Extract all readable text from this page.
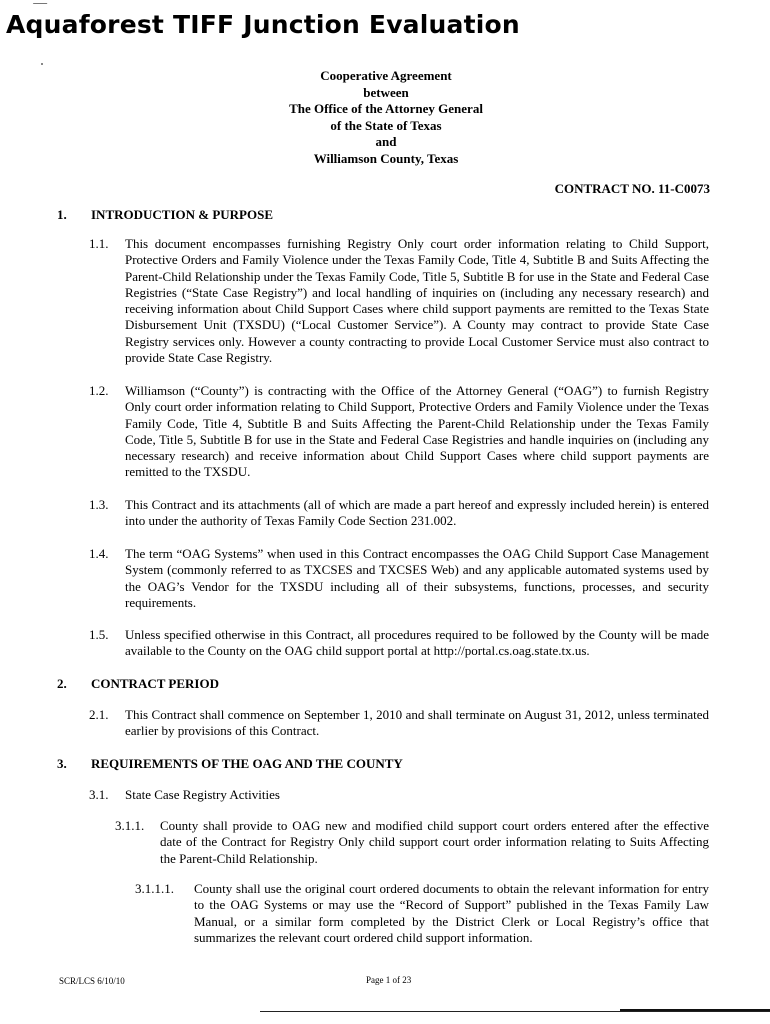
Aquaforest TIFF Junction Evaluation
Cooperative Agreement
between
The Office of the Attorney General
of the State of Texas
and
Williamson County, Texas
CONTRACT NO. 11-C0073
1. INTRODUCTION & PURPOSE
1.1. This document encompasses furnishing Registry Only court order information relating to Child Support, Protective Orders and Family Violence under the Texas Family Code, Title 4, Subtitle B and Suits Affecting the Parent-Child Relationship under the Texas Family Code, Title 5, Subtitle B for use in the State and Federal Case Registries (“State Case Registry”) and local handling of inquiries on (including any necessary research) and receiving information about Child Support Cases where child support payments are remitted to the Texas State Disbursement Unit (TXSDU) (“Local Customer Service”). A County may contract to provide State Case Registry services only. However a county contracting to provide Local Customer Service must also contract to provide State Case Registry.
1.2. Williamson (“County”) is contracting with the Office of the Attorney General (“OAG”) to furnish Registry Only court order information relating to Child Support, Protective Orders and Family Violence under the Texas Family Code, Title 4, Subtitle B and Suits Affecting the Parent-Child Relationship under the Texas Family Code, Title 5, Subtitle B for use in the State and Federal Case Registries and handle inquiries on (including any necessary research) and receive information about Child Support Cases where child support payments are remitted to the TXSDU.
1.3. This Contract and its attachments (all of which are made a part hereof and expressly included herein) is entered into under the authority of Texas Family Code Section 231.002.
1.4. The term “OAG Systems” when used in this Contract encompasses the OAG Child Support Case Management System (commonly referred to as TXCSES and TXCSES Web) and any applicable automated systems used by the OAG’s Vendor for the TXSDU including all of their subsystems, functions, processes, and security requirements.
1.5. Unless specified otherwise in this Contract, all procedures required to be followed by the County will be made available to the County on the OAG child support portal at http://portal.cs.oag.state.tx.us.
2. CONTRACT PERIOD
2.1. This Contract shall commence on September 1, 2010 and shall terminate on August 31, 2012, unless terminated earlier by provisions of this Contract.
3. REQUIREMENTS OF THE OAG AND THE COUNTY
3.1. State Case Registry Activities
3.1.1. County shall provide to OAG new and modified child support court orders entered after the effective date of the Contract for Registry Only child support court order information relating to Suits Affecting the Parent-Child Relationship.
3.1.1.1. County shall use the original court ordered documents to obtain the relevant information for entry to the OAG Systems or may use the “Record of Support” published in the Texas Family Law Manual, or a similar form completed by the District Clerk or Local Registry’s office that summarizes the relevant court ordered child support information.
SCR/LCS 6/10/10	Page 1 of 23
